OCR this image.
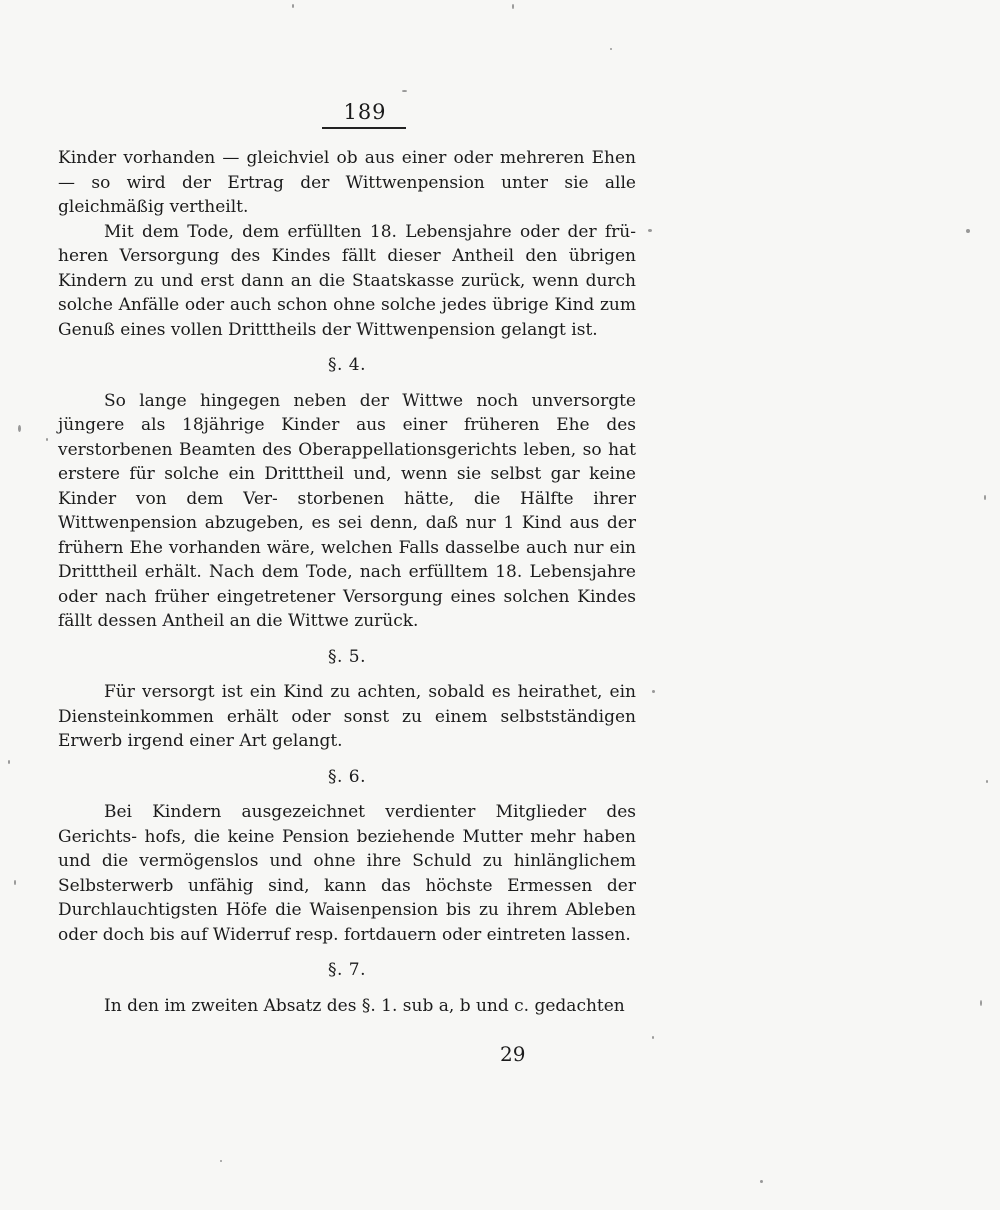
189

Kinder vorhanden — gleichviel ob aus einer oder mehreren Ehen — so wird der Ertrag der Wittwenpension unter sie alle gleichmäßig vertheilt.

Mit dem Tode, dem erfüllten 18. Lebensjahre oder der frü- heren Versorgung des Kindes fällt dieser Antheil den übrigen Kindern zu und erst dann an die Staatskasse zurück, wenn durch solche Anfälle oder auch schon ohne solche jedes übrige Kind zum Genuß eines vollen Dritttheils der Wittwenpension gelangt ist.

§. 4.

So lange hingegen neben der Wittwe noch unversorgte jüngere als 18jährige Kinder aus einer früheren Ehe des verstorbenen Beamten des Oberappellationsgerichts leben, so hat erstere für solche ein Dritttheil und, wenn sie selbst gar keine Kinder von dem Ver- storbenen hätte, die Hälfte ihrer Wittwenpension abzugeben, es sei denn, daß nur 1 Kind aus der frühern Ehe vorhanden wäre, welchen Falls dasselbe auch nur ein Dritttheil erhält. Nach dem Tode, nach erfülltem 18. Lebensjahre oder nach früher eingetretener Versorgung eines solchen Kindes fällt dessen Antheil an die Wittwe zurück.

§. 5.

Für versorgt ist ein Kind zu achten, sobald es heirathet, ein Diensteinkommen erhält oder sonst zu einem selbstständigen Erwerb irgend einer Art gelangt.

§. 6.

Bei Kindern ausgezeichnet verdienter Mitglieder des Gerichts- hofs, die keine Pension beziehende Mutter mehr haben und die vermögenslos und ohne ihre Schuld zu hinlänglichem Selbsterwerb unfähig sind, kann das höchste Ermessen der Durchlauchtigsten Höfe die Waisenpension bis zu ihrem Ableben oder doch bis auf Widerruf resp. fortdauern oder eintreten lassen.

§. 7.

In den im zweiten Absatz des §. 1. sub a, b und c. gedachten

29
